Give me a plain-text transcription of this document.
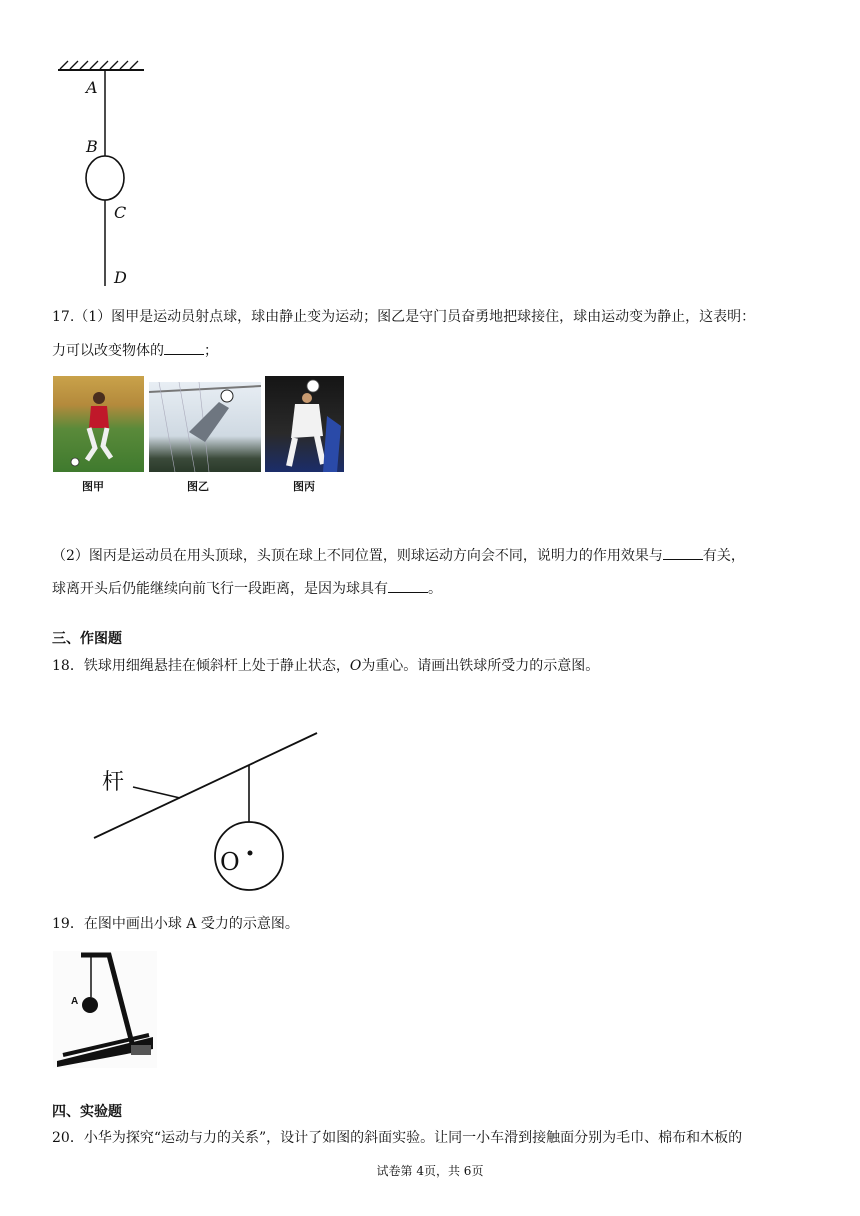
A
B
C
D
17.（1）图甲是运动员射点球，球由静止变为运动；图乙是守门员奋勇地把球接住，球由运动变为静止，这表明：
力可以改变物体的	；
图甲	图乙	图丙
（2）图丙是运动员在用头顶球，头顶在球上不同位置，则球运动方向会不同，说明力的作用效果与	有关，
球离开头后仍能继续向前飞行一段距离，是因为球具有	。
三、作图题
18．铁球用细绳悬挂在倾斜杆上处于静止状态，O为重心。请画出铁球所受力的示意图。
杆
O
19．在图中画出小球 A 受力的示意图。
A
四、实验题
20．小华为探究“运动与力的关系”，设计了如图的斜面实验。让同一小车滑到接触面分别为毛巾、棉布和木板的
试卷第 4页，共 6页
